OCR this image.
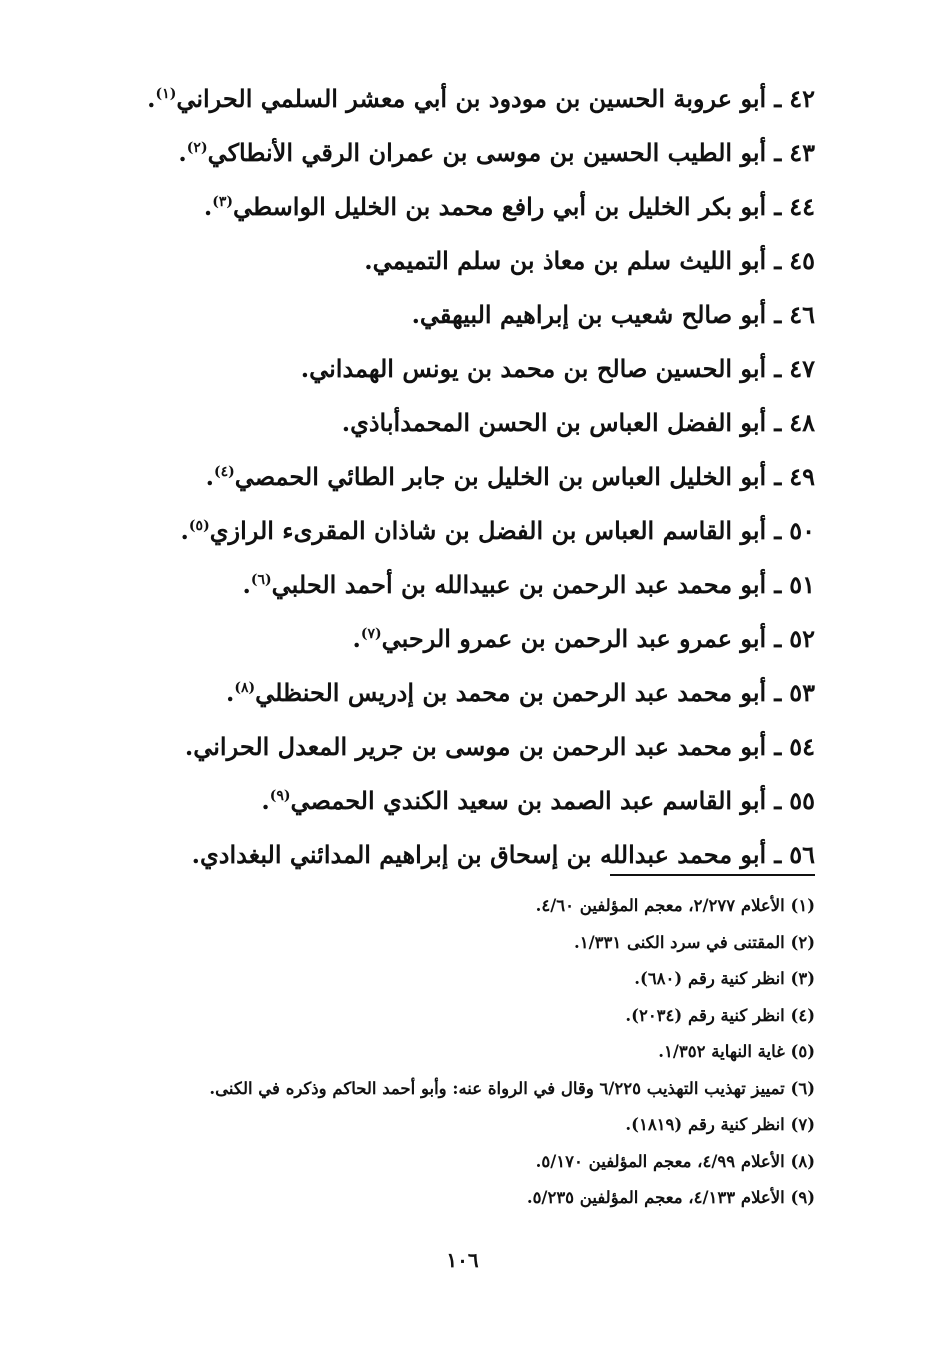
٤٢ـأبو عروبة الحسين بن مودود بن أبي معشر السلمي الحراني$^{(١)}$.
٤٣ـأبو الطيب الحسين بن موسى بن عمران الرقي الأنطاكي$^{(٢)}$.
٤٤ـأبو بكر الخليل بن أبي رافع محمد بن الخليل الواسطي$^{(٣)}$.
٤٥ـأبو الليث سلم بن معاذ بن سلم التميمي.
٤٦ـأبو صالح شعيب بن إبراهيم البيهقي.
٤٧ـأبو الحسين صالح بن محمد بن يونس الهمداني.
٤٨ـأبو الفضل العباس بن الحسن المحمدأباذي.
٤٩ـأبو الخليل العباس بن الخليل بن جابر الطائي الحمصي$^{(٤)}$.
٥٠ـأبو القاسم العباس بن الفضل بن شاذان المقرىء الرازي$^{(٥)}$.
٥١ـأبو محمد عبد الرحمن بن عبيدالله بن أحمد الحلبي$^{(٦)}$.
٥٢ـأبو عمرو عبد الرحمن بن عمرو الرحبي$^{(٧)}$.
٥٣ـأبو محمد عبد الرحمن بن محمد بن إدريس الحنظلي$^{(٨)}$.
٥٤ـأبو محمد عبد الرحمن بن موسى بن جرير المعدل الحراني.
٥٥ـأبو القاسم عبد الصمد بن سعيد الكندي الحمصي$^{(٩)}$.
٥٦ـأبو محمد عبدالله بن إسحاق بن إبراهيم المدائني البغدادي.
(١) الأعلام ٢/٢٧٧، معجم المؤلفين ٤/٦٠.
(٢) المقتنى في سرد الكنى ١/٣٣١.
(٣) انظر كنية رقم (٦٨٠).
(٤) انظر كنية رقم (٢٠٣٤).
(٥) غاية النهاية ١/٣٥٢.
(٦) تمييز تهذيب التهذيب ٦/٢٢٥ وقال في الرواة عنه: وأبو أحمد الحاكم وذكره في الكنى.
(٧) انظر كنية رقم (١٨١٩).
(٨) الأعلام ٤/٩٩، معجم المؤلفين ٥/١٧٠.
(٩) الأعلام ٤/١٣٣، معجم المؤلفين ٥/٢٣٥.
١٠٦
